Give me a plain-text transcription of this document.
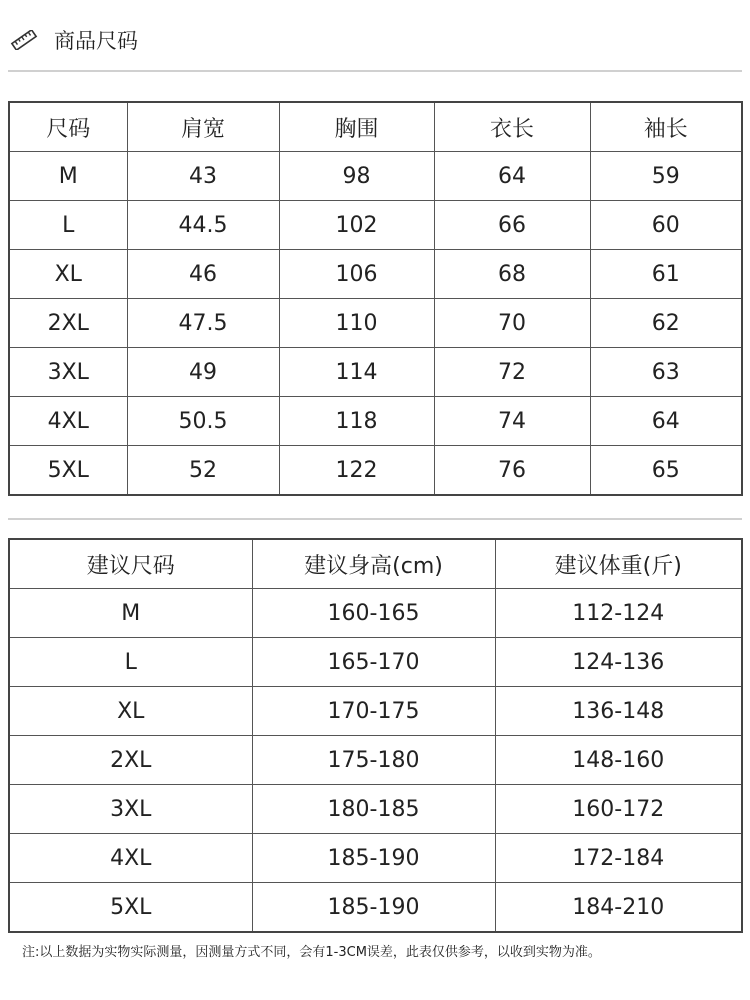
商品尺码
尺码	肩宽	胸围	衣长	袖长
M	43	98	64	59
L	44.5	102	66	60
XL	46	106	68	61
2XL	47.5	110	70	62
3XL	49	114	72	63
4XL	50.5	118	74	64
5XL	52	122	76	65
建议尺码	建议身高(cm)	建议体重(斤)
M	160-165	112-124
L	165-170	124-136
XL	170-175	136-148
2XL	175-180	148-160
3XL	180-185	160-172
4XL	185-190	172-184
5XL	185-190	184-210
注:以上数据为实物实际测量，因测量方式不同，会有1-3CM误差，此表仅供参考，以收到实物为准。
